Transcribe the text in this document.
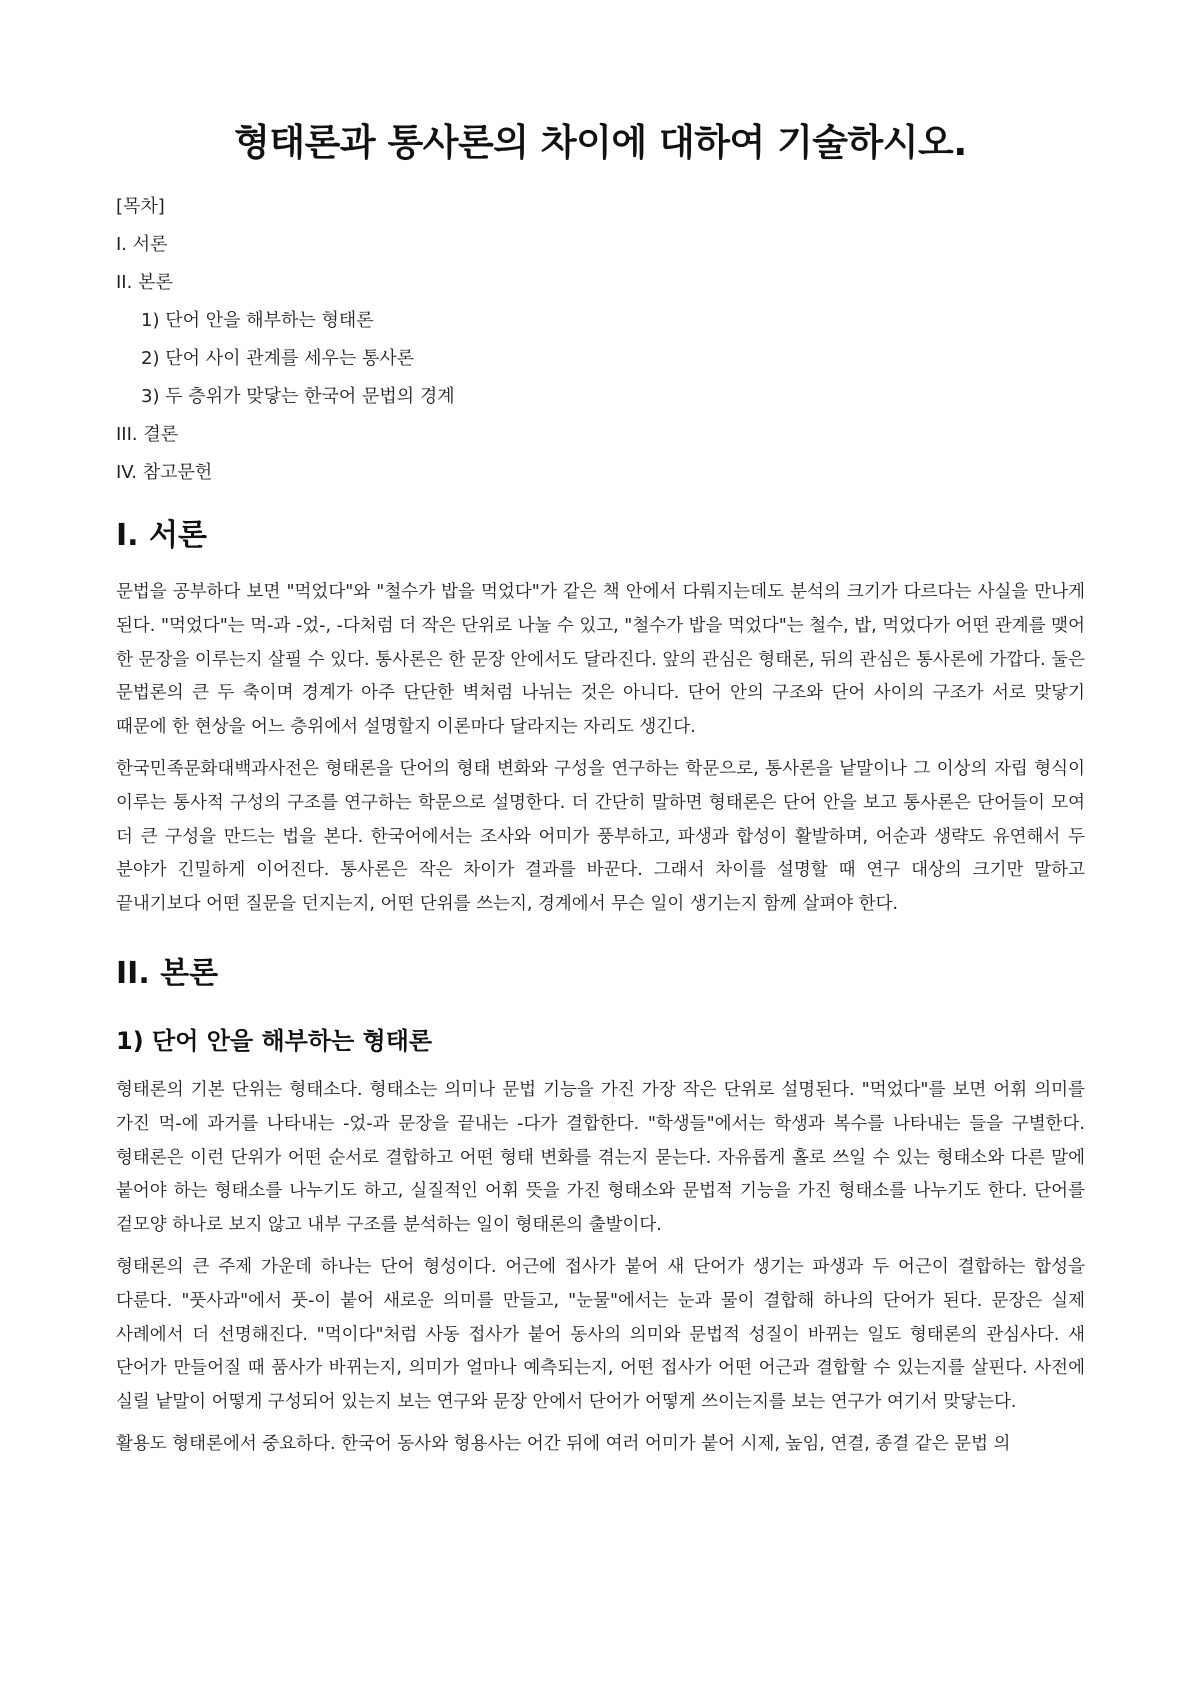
형태론과 통사론의 차이에 대하여 기술하시오.
[목차]
I. 서론
II. 본론
1) 단어 안을 해부하는 형태론
2) 단어 사이 관계를 세우는 통사론
3) 두 층위가 맞닿는 한국어 문법의 경계
III. 결론
IV. 참고문헌
I. 서론

문법을 공부하다 보면 "먹었다"와 "철수가 밥을 먹었다"가 같은 책 안에서 다뤄지는데도 분석의 크기가 다르다는 사실을 만나게 된다. "먹었다"는 먹-과 -었-, -다처럼 더 작은 단위로 나눌 수 있고, "철수가 밥을 먹었다"는 철수, 밥, 먹었다가 어떤 관계를 맺어 한 문장을 이루는지 살필 수 있다. 통사론은 한 문장 안에서도 달라진다. 앞의 관심은 형태론, 뒤의 관심은 통사론에 가깝다. 둘은 문법론의 큰 두 축이며 경계가 아주 단단한 벽처럼 나뉘는 것은 아니다. 단어 안의 구조와 단어 사이의 구조가 서로 맞닿기 때문에 한 현상을 어느 층위에서 설명할지 이론마다 달라지는 자리도 생긴다.

한국민족문화대백과사전은 형태론을 단어의 형태 변화와 구성을 연구하는 학문으로, 통사론을 낱말이나 그 이상의 자립 형식이 이루는 통사적 구성의 구조를 연구하는 학문으로 설명한다. 더 간단히 말하면 형태론은 단어 안을 보고 통사론은 단어들이 모여 더 큰 구성을 만드는 법을 본다. 한국어에서는 조사와 어미가 풍부하고, 파생과 합성이 활발하며, 어순과 생략도 유연해서 두 분야가 긴밀하게 이어진다. 통사론은 작은 차이가 결과를 바꾼다. 그래서 차이를 설명할 때 연구 대상의 크기만 말하고 끝내기보다 어떤 질문을 던지는지, 어떤 단위를 쓰는지, 경계에서 무슨 일이 생기는지 함께 살펴야 한다.

II. 본론
1) 단어 안을 해부하는 형태론

형태론의 기본 단위는 형태소다. 형태소는 의미나 문법 기능을 가진 가장 작은 단위로 설명된다. "먹었다"를 보면 어휘 의미를 가진 먹-에 과거를 나타내는 -었-과 문장을 끝내는 -다가 결합한다. "학생들"에서는 학생과 복수를 나타내는 들을 구별한다. 형태론은 이런 단위가 어떤 순서로 결합하고 어떤 형태 변화를 겪는지 묻는다. 자유롭게 홀로 쓰일 수 있는 형태소와 다른 말에 붙어야 하는 형태소를 나누기도 하고, 실질적인 어휘 뜻을 가진 형태소와 문법적 기능을 가진 형태소를 나누기도 한다. 단어를 겉모양 하나로 보지 않고 내부 구조를 분석하는 일이 형태론의 출발이다.

형태론의 큰 주제 가운데 하나는 단어 형성이다. 어근에 접사가 붙어 새 단어가 생기는 파생과 두 어근이 결합하는 합성을 다룬다. "풋사과"에서 풋-이 붙어 새로운 의미를 만들고, "눈물"에서는 눈과 물이 결합해 하나의 단어가 된다. 문장은 실제 사례에서 더 선명해진다. "먹이다"처럼 사동 접사가 붙어 동사의 의미와 문법적 성질이 바뀌는 일도 형태론의 관심사다. 새 단어가 만들어질 때 품사가 바뀌는지, 의미가 얼마나 예측되는지, 어떤 접사가 어떤 어근과 결합할 수 있는지를 살핀다. 사전에 실릴 낱말이 어떻게 구성되어 있는지 보는 연구와 문장 안에서 단어가 어떻게 쓰이는지를 보는 연구가 여기서 맞닿는다.

활용도 형태론에서 중요하다. 한국어 동사와 형용사는 어간 뒤에 여러 어미가 붙어 시제, 높임, 연결, 종결 같은 문법 의
